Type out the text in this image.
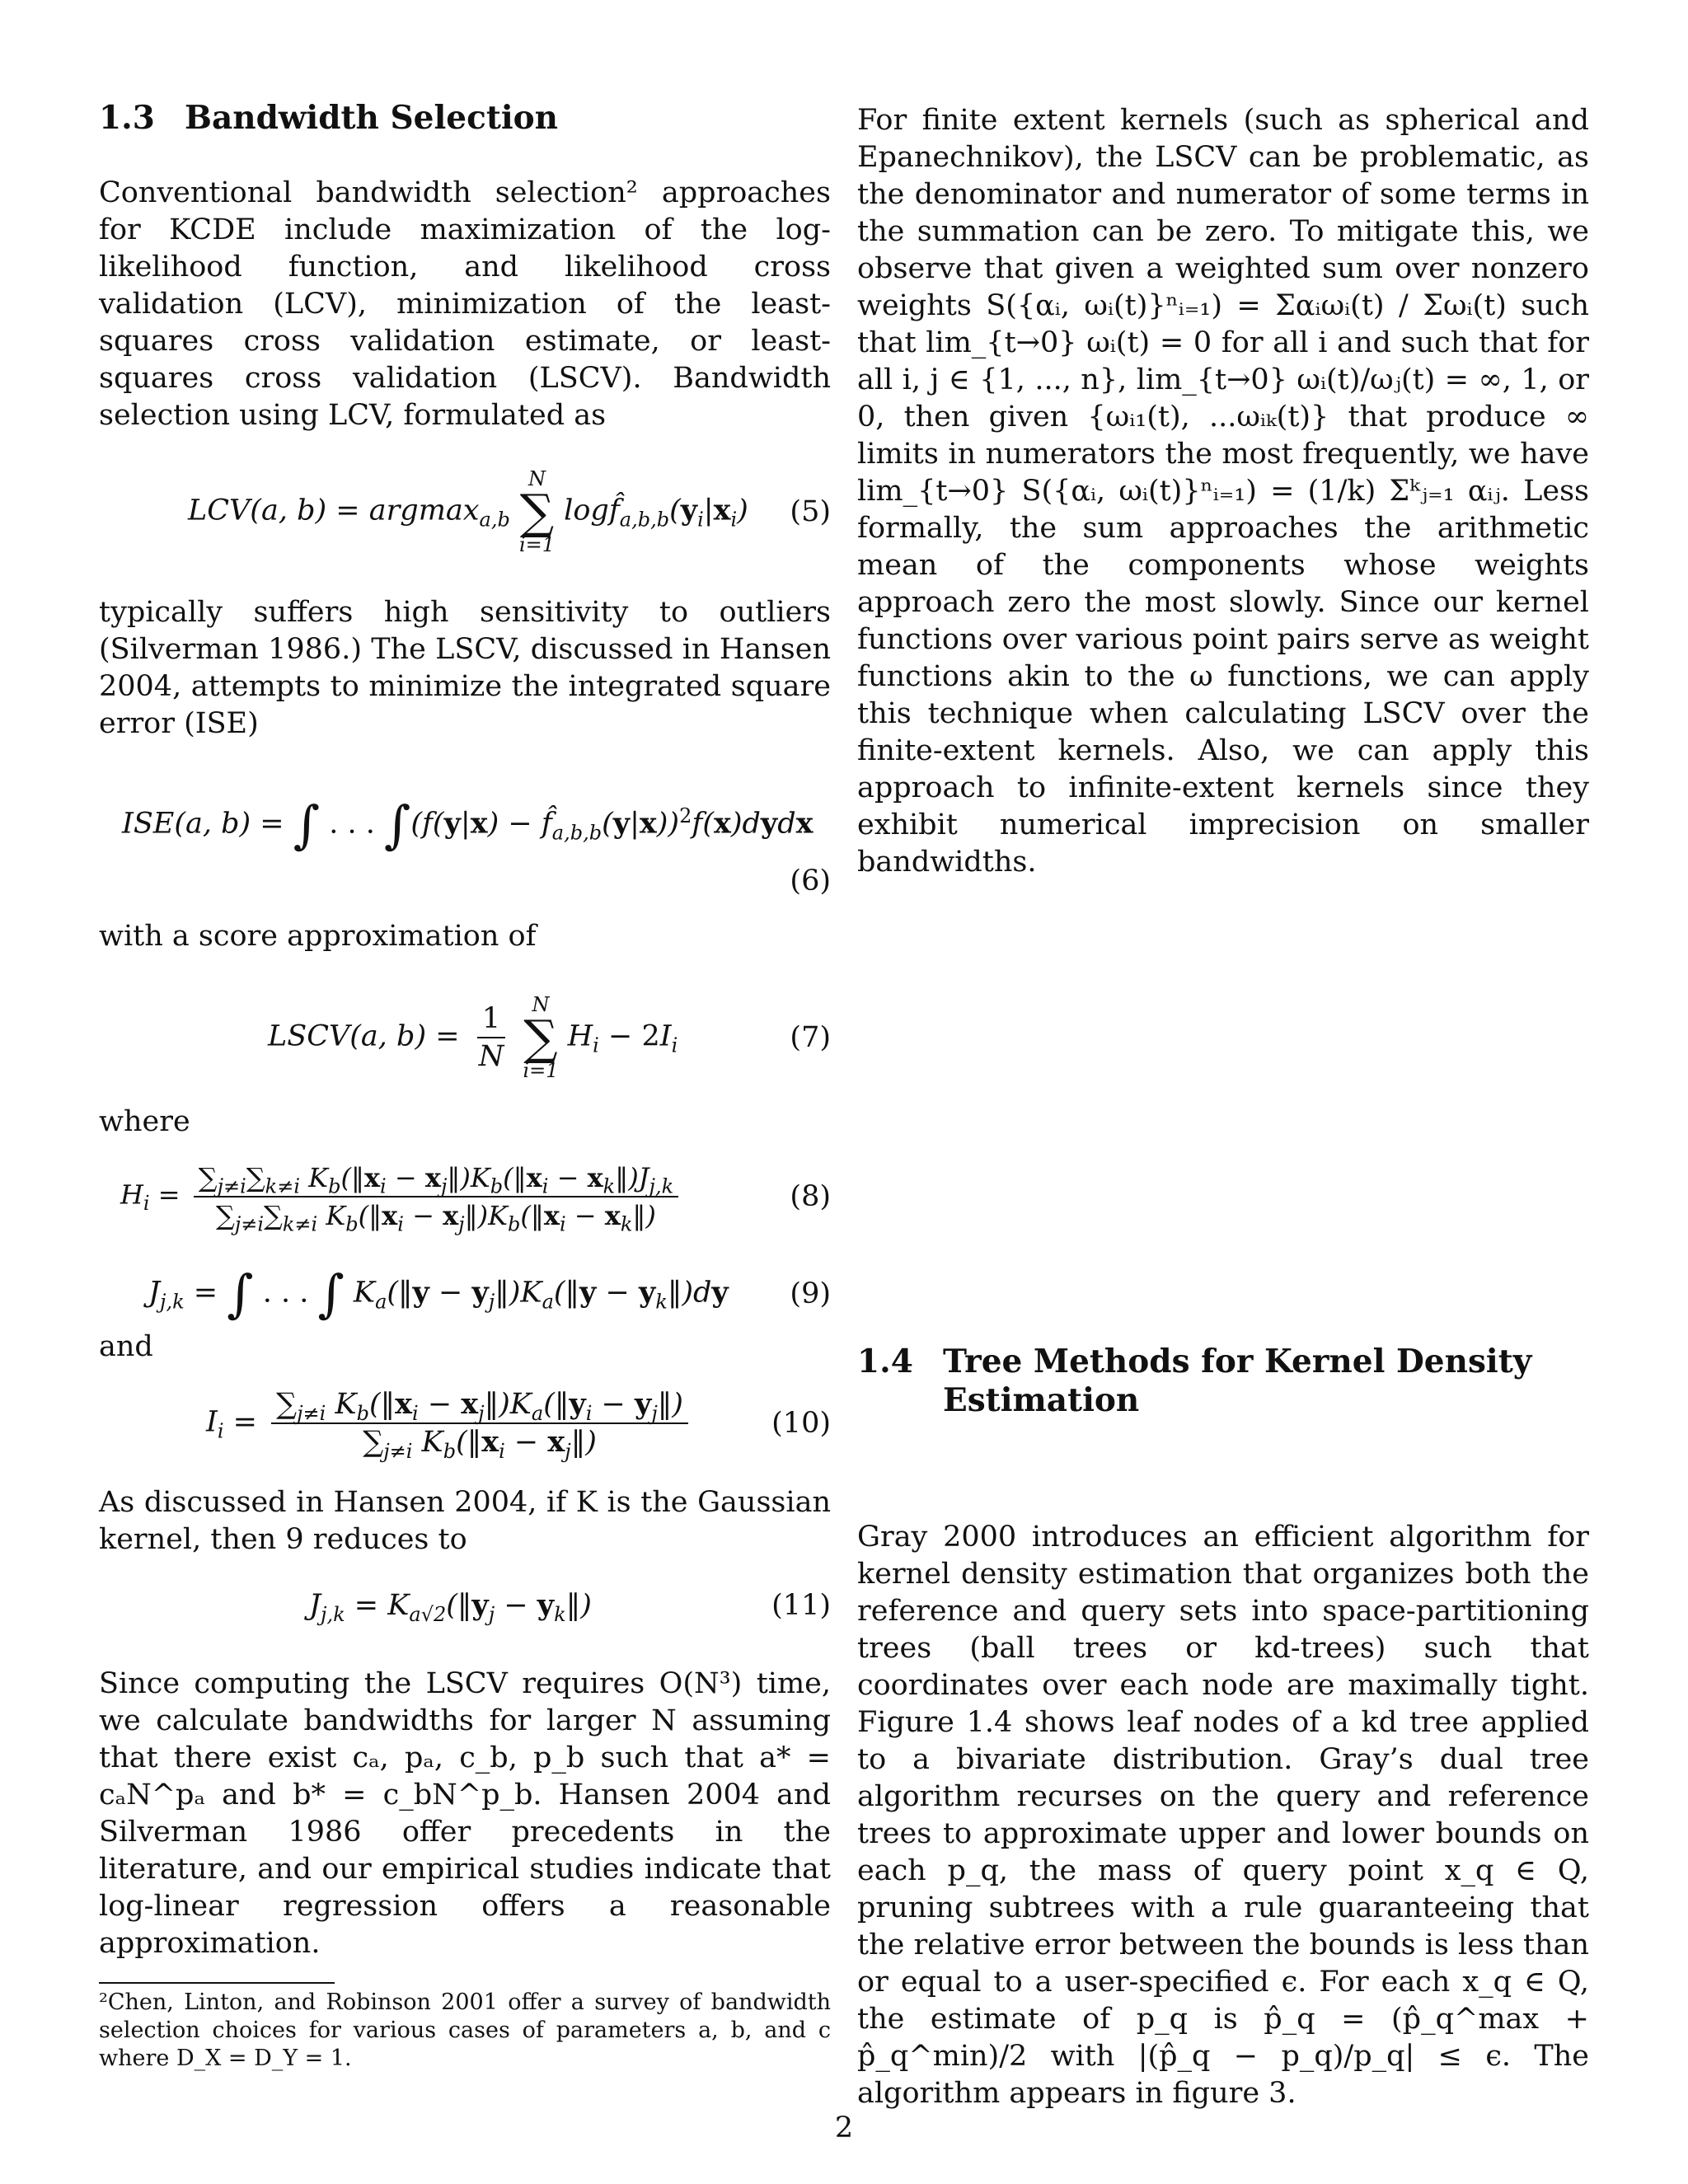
1.3 Bandwidth Selection

Conventional bandwidth selection² approaches for KCDE include maximization of the log-likelihood function, and likelihood cross validation (LCV), minimization of the least-squares cross validation estimate, or least-squares cross validation (LSCV). Bandwidth selection using LCV, formulated as

LCV(a, b) = argmax$_{a,b}$
N
∑
i=1
$\log f̂_{a,b,b}(y_i|x_i)$	(5)

typically suffers high sensitivity to outliers (Silverman 1986.) The LSCV, discussed in Hansen 2004, attempts to minimize the integrated square error (ISE)

ISE(a, b) = ∫ . . . $\int(f(y|x) - f̂_{a,b,b}(y|x))^2f(x)dydx$
(6)

with a score approximation of

LSCV(a, $b) = \frac{1}{N}$
N
∑
i=1
$H_i - 2I_i$	(7)

where

$H_i = \frac{\sum_{j\ne i}\sum_{k\ne i} K_b(‖x_i - x_j‖)K_b(‖x_i - x_k‖)J_{j,k}}{\sum_{j\ne i}\sum_{k\ne i} K_b(‖x_i - x_j‖)K_b(‖x_i - x_k‖)}$	(8)
$J_{j,k}$ = ∫ . . . ∫ $K_a(‖y$ − $y_j‖)K_a(‖y$ − $y_k‖)dy$	(9)

and

$I_i = \frac{\sum_{j\ne i} K_b(‖x_i - x_j‖)K_a(‖y_i - y_j‖)}{\sum_{j\ne i} K_b(‖x_i - x_j‖)}$	(10)

As discussed in Hansen 2004, if K is the Gaussian kernel, then 9 reduces to

$J_{j,k}$ = $K_{a√2}(‖y_j$ − $y_k‖$)	(11)

Since computing the LSCV requires O(N³) time, we calculate bandwidths for larger N assuming that there exist cₐ, pₐ, c_b, p_b such that a* = cₐN^pₐ and b* = c_bN^p_b. Hansen 2004 and Silverman 1986 offer precedents in the literature, and our empirical studies indicate that log-linear regression offers a reasonable approximation.

²Chen, Linton, and Robinson 2001 offer a survey of bandwidth selection choices for various cases of parameters a, b, and c where D_X = D_Y = 1.

For finite extent kernels (such as spherical and Epanechnikov), the LSCV can be problematic, as the denominator and numerator of some terms in the summation can be zero. To mitigate this, we observe that given a weighted sum over nonzero weights S({αᵢ, ωᵢ(t)}ⁿᵢ₌₁) = Σαᵢωᵢ(t) / Σωᵢ(t) such that lim_{t→0} ωᵢ(t) = 0 for all i and such that for all i, j ∈ {1, ..., n}, lim_{t→0} ωᵢ(t)/ωⱼ(t) = ∞, 1, or 0, then given {ωᵢ₁(t), ...ωᵢₖ(t)} that produce ∞ limits in numerators the most frequently, we have lim_{t→0} S({αᵢ, ωᵢ(t)}ⁿᵢ₌₁) = (1/k) Σᵏⱼ₌₁ αᵢⱼ. Less formally, the sum approaches the arithmetic mean of the components whose weights approach zero the most slowly. Since our kernel functions over various point pairs serve as weight functions akin to the ω functions, we can apply this technique when calculating LSCV over the finite-extent kernels. Also, we can apply this approach to infinite-extent kernels since they exhibit numerical imprecision on smaller bandwidths.

1.4 Tree Methods for Kernel Density Estimation

Gray 2000 introduces an efficient algorithm for kernel density estimation that organizes both the reference and query sets into space-partitioning trees (ball trees or kd-trees) such that coordinates over each node are maximally tight. Figure 1.4 shows leaf nodes of a kd tree applied to a bivariate distribution. Gray’s dual tree algorithm recurses on the query and reference trees to approximate upper and lower bounds on each p_q, the mass of query point x_q ∈ Q, pruning subtrees with a rule guaranteeing that the relative error between the bounds is less than or equal to a user-specified ϵ. For each x_q ∈ Q, the estimate of p_q is p̂_q = (p̂_q^max + p̂_q^min)/2 with |(p̂_q − p_q)/p_q| ≤ ϵ. The algorithm appears in figure 3.

2
